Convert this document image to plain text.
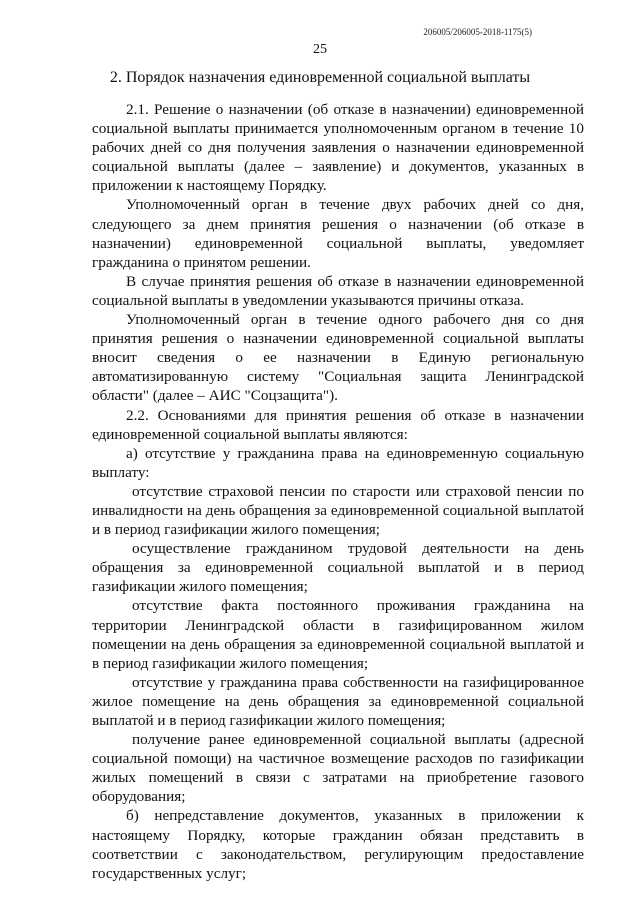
206005/206005-2018-1175(5)
25
2. Порядок назначения единовременной социальной выплаты

2.1. Решение о назначении (об отказе в назначении) единовременной социальной выплаты принимается уполномоченным органом в течение 10 рабочих дней со дня получения заявления о назначении единовременной социальной выплаты (далее – заявление) и документов, указанных в приложении к настоящему Порядку.

Уполномоченный орган в течение двух рабочих дней со дня, следующего за днем принятия решения о назначении (об отказе в назначении) единовременной социальной выплаты, уведомляет гражданина о принятом решении.

В случае принятия решения об отказе в назначении единовременной социальной выплаты в уведомлении указываются причины отказа.

Уполномоченный орган в течение одного рабочего дня со дня принятия решения о назначении единовременной социальной выплаты вносит сведения о ее назначении в Единую региональную автоматизированную систему "Социальная защита Ленинградской области" (далее – АИС "Соцзащита").

2.2. Основаниями для принятия решения об отказе в назначении единовременной социальной выплаты являются:

а) отсутствие у гражданина права на единовременную социальную выплату:

отсутствие страховой пенсии по старости или страховой пенсии по инвалидности на день обращения за единовременной социальной выплатой и в период газификации жилого помещения;

осуществление гражданином трудовой деятельности на день обращения за единовременной социальной выплатой и в период газификации жилого помещения;

отсутствие факта постоянного проживания гражданина на территории Ленинградской области в газифицированном жилом помещении на день обращения за единовременной социальной выплатой и в период газификации жилого помещения;

отсутствие у гражданина права собственности на газифицированное жилое помещение на день обращения за единовременной социальной выплатой и в период газификации жилого помещения;

получение ранее единовременной социальной выплаты (адресной социальной помощи) на частичное возмещение расходов по газификации жилых помещений в связи с затратами на приобретение газового оборудования;

б) непредставление документов, указанных в приложении к настоящему Порядку, которые гражданин обязан представить в соответствии с законодательством, регулирующим предоставление государственных услуг;
